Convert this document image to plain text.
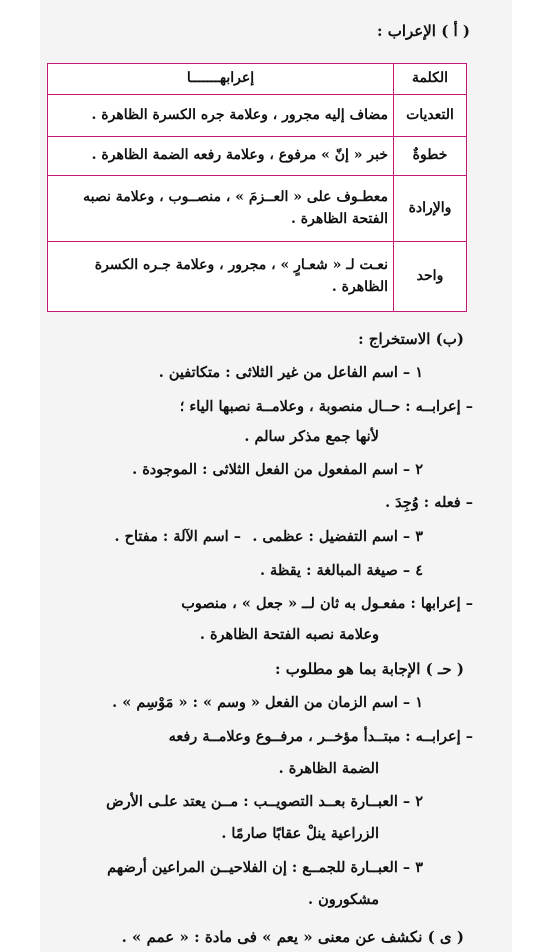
( أ ) الإعراب :
الكلمة	إعرابهـــــــا
التعديات	مضاف إليه مجرور ، وعلامة جره الكسرة الظاهرة .
خطوةٌ	خبر « إنّ » مرفوع ، وعلامة رفعه الضمة الظاهرة .
والإرادة	معطـوف على « العــزمَ » ، منصــوب ، وعلامة نصبه الفتحة الظاهرة .
واحد	نعـت لـ « شعـارٍ » ، مجرور ، وعلامة جـره الكسرة الظاهرة .
(ب) الاستخراج :
١ – اسم الفاعل من غير الثلاثى : متكاتفين .
– إعرابــه : حــال منصوبة ، وعلامــة نصبها الياء ؛
لأنها جمع مذكر سالم .
٢ – اسم المفعول من الفعل الثلاثى : الموجودة .
– فعله : وُجِدَ .
٣ – اسم التفضيل : عظمى .
– اسم الآلة : مفتاح .
٤ – صيغة المبالغة : يقظة .
– إعرابها : مفعـول به ثان لــ « جعل » ، منصوب
وعلامة نصبه الفتحة الظاهرة .
( حـ ) الإجابة بما هو مطلوب :
١ – اسم الزمان من الفعل « وسم » : « مَوْسِم » .
– إعرابــه : مبتــدأ مؤخــر ، مرفــوع وعلامــة رفعه
الضمة الظاهرة .
٢ – العبــارة بعــد التصويــب : مــن يعتد علـى الأرض
الزراعية ينلْ عقابًا صارمًا .
٣ – العبــارة للجمــع : إن الفلاحيــن المراعين أرضهم
مشكورون .
( ى ) نكشف عن معنى « يعم » فى مادة : « عمم » .
